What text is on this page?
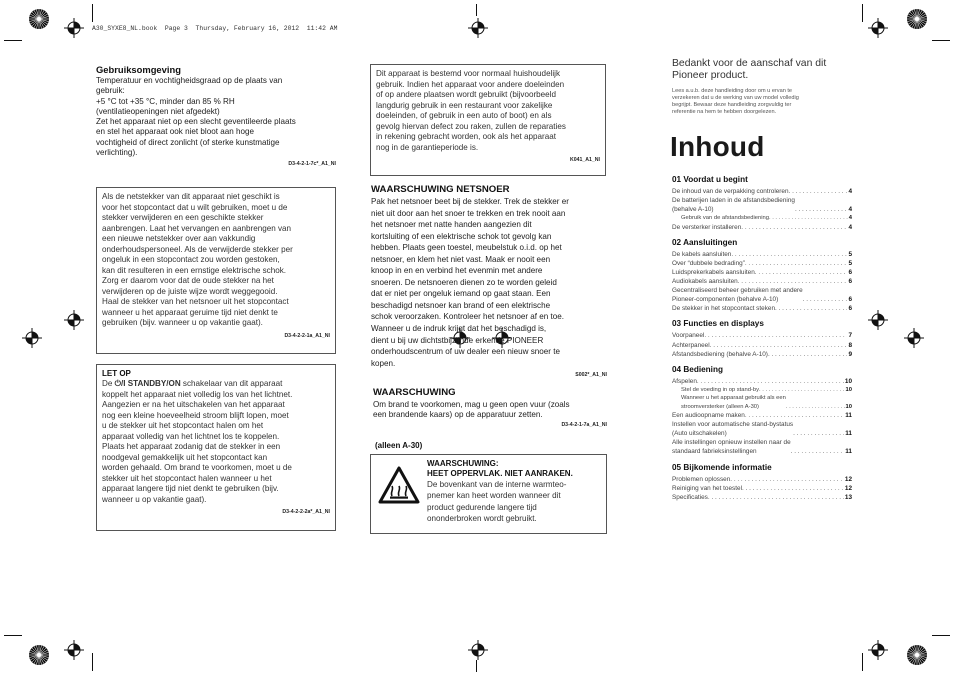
A30_SYXE8_NL.book  Page 3  Thursday, February 16, 2012  11:42 AM
Gebruiksomgeving
Temperatuur en vochtigheidsgraad op de plaats van
gebruik:
+5 °C tot +35 °C, minder dan 85 % RH
(ventilatieopeningen niet afgedekt)
Zet het apparaat niet op een slecht geventileerde plaats
en stel het apparaat ook niet bloot aan hoge
vochtigheid of direct zonlicht (of sterke kunstmatige
verlichting).
D3-4-2-1-7c*_A1_Nl
Als de netstekker van dit apparaat niet geschikt is
voor het stopcontact dat u wilt gebruiken, moet u de
stekker verwijderen en een geschikte stekker
aanbrengen. Laat het vervangen en aanbrengen van
een nieuwe netstekker over aan vakkundig
onderhoudspersoneel. Als de verwijderde stekker per
ongeluk in een stopcontact zou worden gestoken,
kan dit resulteren in een ernstige elektrische schok.
Zorg er daarom voor dat de oude stekker na het
verwijderen op de juiste wijze wordt weggegooid.
Haal de stekker van het netsnoer uit het stopcontact
wanneer u het apparaat geruime tijd niet denkt te
gebruiken (bijv. wanneer u op vakantie gaat).
D3-4-2-2-1a_A1_Nl
LET OP
De ⏻/I STANDBY/ON schakelaar van dit apparaat
koppelt het apparaat niet volledig los van het lichtnet.
Aangezien er na het uitschakelen van het apparaat
nog een kleine hoeveelheid stroom blijft lopen, moet
u de stekker uit het stopcontact halen om het
apparaat volledig van het lichtnet los te koppelen.
Plaats het apparaat zodanig dat de stekker in een
noodgeval gemakkelijk uit het stopcontact kan
worden gehaald. Om brand te voorkomen, moet u de
stekker uit het stopcontact halen wanneer u het
apparaat langere tijd niet denkt te gebruiken (bijv.
wanneer u op vakantie gaat).
D3-4-2-2-2a*_A1_Nl
Dit apparaat is bestemd voor normaal huishoudelijk
gebruik. Indien het apparaat voor andere doeleinden
of op andere plaatsen wordt gebruikt (bijvoorbeeld
langdurig gebruik in een restaurant voor zakelijke
doeleinden, of gebruik in een auto of boot) en als
gevolg hiervan defect zou raken, zullen de reparaties
in rekening gebracht worden, ook als het apparaat
nog in de garantieperiode is.
K041_A1_Nl
WAARSCHUWING NETSNOER
Pak het netsnoer beet bij de stekker. Trek de stekker er
niet uit door aan het snoer te trekken en trek nooit aan
het netsnoer met natte handen aangezien dit
kortsluiting of een elektrische schok tot gevolg kan
hebben. Plaats geen toestel, meubelstuk o.i.d. op het
netsnoer, en klem het niet vast. Maak er nooit een
knoop in en en verbind het evenmin met andere
snoeren. De netsnoeren dienen zo te worden geleid
dat er niet per ongeluk iemand op gaat staan. Een
beschadigd netsnoer kan brand of een elektrische
schok veroorzaken. Kontroleer het netsnoer af en toe.
Wanneer u de indruk krijgt dat het beschadigd is,
dient u bij uw dichtstbijzijnde erkende PIONEER
onderhoudscentrum of uw dealer een nieuw snoer te
kopen.
S002*_A1_Nl
WAARSCHUWING
Om brand te voorkomen, mag u geen open vuur (zoals
een brandende kaars) op de apparatuur zetten.
D3-4-2-1-7a_A1_Nl
(alleen A-30)
WAARSCHUWING:
HEET OPPERVLAK. NIET AANRAKEN.
De bovenkant van de interne warmteo-
pnemer kan heet worden wanneer dit
product gedurende langere tijd
ononderbroken wordt gebruikt.
Bedankt voor de aanschaf van dit
Pioneer product.
Lees a.u.b. deze handleiding door om u ervan te
verzekeren dat u de werking van uw model volledig
begrijpt. Bewaar deze handleiding zorgvuldig ter
referentie na hem te hebben doorgelezen.
Inhoud
01 Voordat u begint
De inhoud van de verpakking controleren . . .	4
De batterijen laden in de afstandsbediening
(behalve A-10) . . .	4
Gebruik van de afstandsbediening . . .	4
De versterker installeren . . .	4
02 Aansluitingen
De kabels aansluiten . . .	5
Over “dubbele bedrading” . . .	5
Luidsprekerkabels aansluiten . . .	6
Audiokabels aansluiten . . .	6
Gecentraliseerd beheer gebruiken met andere
Pioneer-componenten (behalve A-10) . . .	6
De stekker in het stopcontact steken . . .	6
03 Functies en displays
Voorpaneel . . .	7
Achterpaneel . . .	8
Afstandsbediening (behalve A-10) . . .	9
04 Bediening
Afspelen . . .	10
Stel de voeding in op stand-by . . .	10
Wanneer u het apparaat gebruikt als een
stroomversterker (alleen A-30) . . .	10
Een audioopname maken . . .	11
Instellen voor automatische stand-bystatus
(Auto uitschakelen) . . .	11
Alle instellingen opnieuw instellen naar de
standaard fabrieksinstellingen . . .	11
05 Bijkomende informatie
Problemen oplossen . . .	12
Reiniging van het toestel . . .	12
Specificaties . . .	13
